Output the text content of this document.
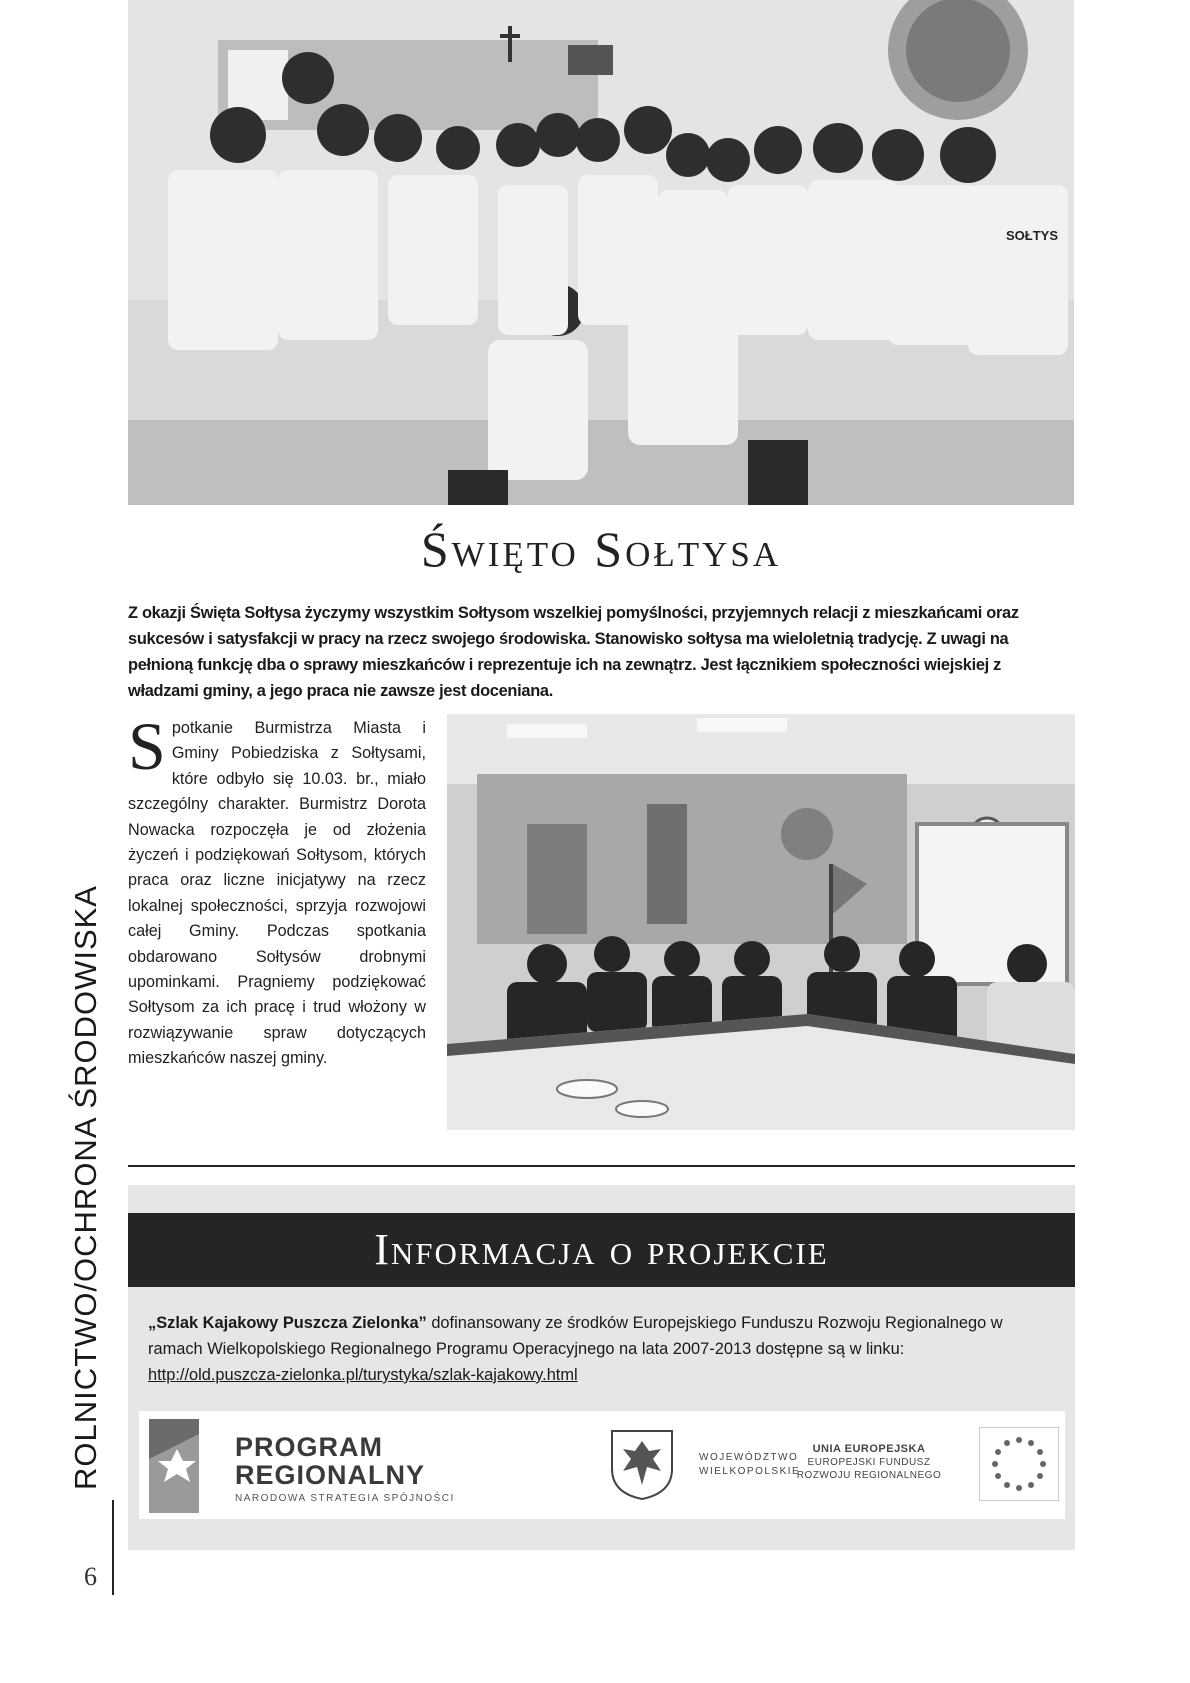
SOŁTYS
Święto Sołtysa
Z okazji Święta Sołtysa życzymy wszystkim Sołtysom wszelkiej pomyślności, przyjemnych relacji z mieszkańcami oraz sukcesów i satysfakcji w pracy na rzecz swojego środowiska. Stanowisko sołtysa ma wieloletnią tradycję. Z uwagi na pełnioną funkcję dba o sprawy mieszkańców i reprezentuje ich na zewnątrz. Jest łącznikiem społeczności wiejskiej z władzami gminy, a jego praca nie zawsze jest doceniana.
Spotkanie Burmistrza Miasta i Gminy Pobiedziska z Sołtysami, które odbyło się 10.03. br., miało szczególny charakter. Burmistrz Dorota Nowacka rozpoczęła je od złożenia życzeń i podziękowań Sołtysom, których praca oraz liczne inicjatywy na rzecz lokalnej społeczności, sprzyja rozwojowi całej Gminy. Podczas spotkania obdarowano Sołtysów drobnymi upominkami. Pragniemy podziękować Sołtysom za ich pracę i trud włożony w rozwiązywanie spraw dotyczących mieszkańców naszej gminy.
ROLNICTWO/OCHRONA ŚRODOWISKA
6
Informacja o projekcie
„Szlak Kajakowy Puszcza Zielonka” dofinansowany ze środków Europejskiego Funduszu Rozwoju Regionalnego w ramach Wielkopolskiego Regionalnego Programu Operacyjnego na lata 2007-2013 dostępne są w linku:
http://old.puszcza-zielonka.pl/turystyka/szlak-kajakowy.html
PROGRAM
REGIONALNY
NARODOWA STRATEGIA SPÓJNOŚCI
WOJEWÓDZTWO
WIELKOPOLSKIE
UNIA EUROPEJSKA
EUROPEJSKI FUNDUSZ
ROZWOJU REGIONALNEGO
